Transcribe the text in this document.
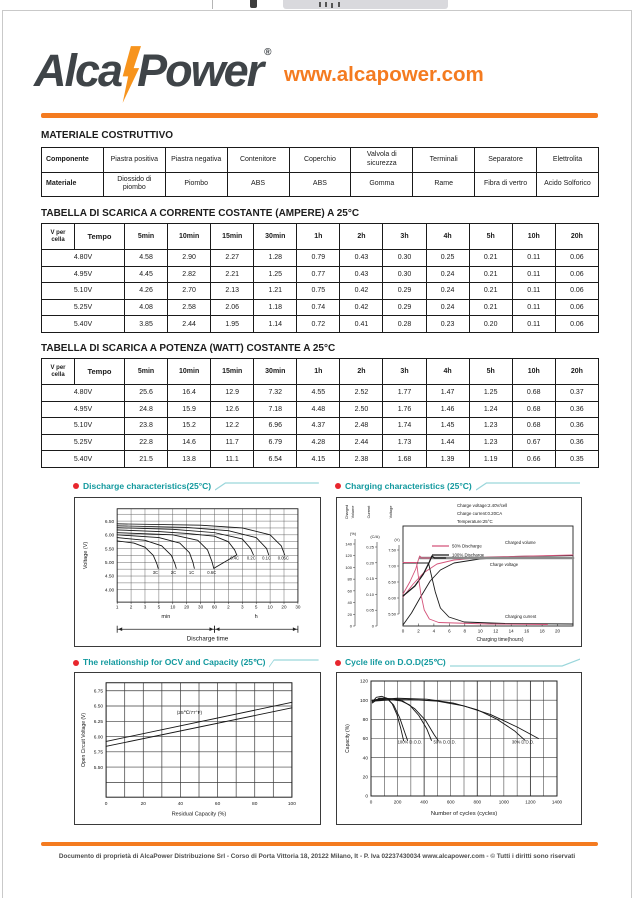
Alca Power ®
www.alcapower.com
MATERIALE COSTRUTTIVO
Componente	Piastra positiva	Piastra negativa	Contenitore	Coperchio	Valvola di sicurezza	Terminali	Separatore	Elettrolita
Materiale	Diossido di piombo	Piombo	ABS	ABS	Gomma	Rame	Fibra di vertro	Acido Solforico
TABELLA DI SCARICA A CORRENTE COSTANTE (AMPERE) A 25°C
V per cella	Tempo	5min	10min	15min	30min	1h	2h	3h	4h	5h	10h	20h
4.80V		4.58	2.90	2.27	1.28	0.79	0.43	0.30	0.25	0.21	0.11	0.06
4.95V		4.45	2.82	2.21	1.25	0.77	0.43	0.30	0.24	0.21	0.11	0.06
5.10V		4.26	2.70	2.13	1.21	0.75	0.42	0.29	0.24	0.21	0.11	0.06
5.25V		4.08	2.58	2.06	1.18	0.74	0.42	0.29	0.24	0.21	0.11	0.06
5.40V		3.85	2.44	1.95	1.14	0.72	0.41	0.28	0.23	0.20	0.11	0.06
TABELLA DI SCARICA A POTENZA (WATT) COSTANTE A 25°C
V per cella	Tempo	5min	10min	15min	30min	1h	2h	3h	4h	5h	10h	20h
4.80V		25.6	16.4	12.9	7.32	4.55	2.52	1.77	1.47	1.25	0.68	0.37
4.95V		24.8	15.9	12.6	7.18	4.48	2.50	1.76	1.46	1.24	0.68	0.36
5.10V		23.8	15.2	12.2	6.96	4.37	2.48	1.74	1.45	1.23	0.68	0.36
5.25V		22.8	14.6	11.7	6.79	4.28	2.44	1.73	1.44	1.23	0.67	0.36
5.40V		21.5	13.8	11.1	6.54	4.15	2.38	1.68	1.39	1.19	0.66	0.35
Discharge characteristics(25°C)
6.50
6.00
5.50
5.00
4.50
4.00
1 2 3 5 10 20 30 60 2 3 5 10 20 30
Voltage (V)
3C	2C	1C	0.6C
0.4C 0.2C 0.1C 0.05C
min	h
Discharge time
Charging characteristics (25°C)
0	2	4	6	8	10 12 14 16 18 20
Charging time(hours)
140
120
100
80
60
40
20
0
Charged Volume
(%)
0.25
0.20
0.15
0.10
0.05
0
Current
(C/A)
7.50
7.00
6.50
6.00
5.50
Voltage
(V)
Charge voltage:2.40V/cell
Charge current:0.20CA
Temperature:25°C
50% Discharge
100% Discharge
Charged volume
Charge voltage
Charging current
The relationship for OCV and Capacity (25℃)
6.75
6.50
6.25
6.00
5.75
5.50
0	20	40	60	80	100
Open Circuit Voltage (V)
Residual Capacity (%)
(25℃/77°F)
Cycle life on D.O.D(25℃)
120
100
80
60
40
20
0
0	200	400	600	800	1000	1200	1400
Capacity (%)
Number of cycles (cycles)
100% D.O.D.	50% D.O.D.	30% D.O.D.
Documento di proprietà di AlcaPower Distribuzione Srl - Corso di Porta Vittoria 18, 20122 Milano, It - P. Iva 02237430034 www.alcapower.com - © Tutti i diritti sono riservati
